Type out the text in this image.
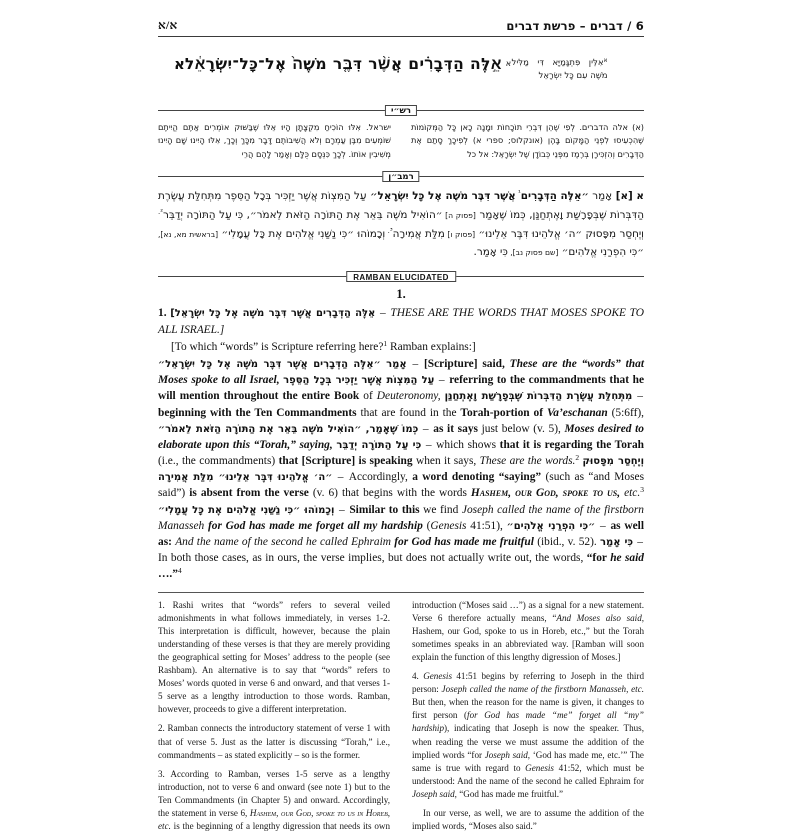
א/א	6 / דברים – פרשת דברים
א	אאֵ֣לֶּה הַדְּבָרִ֗ים אֲשֶׁ֨ר דִּבֶּ֤ר מֹשֶׁה֙ אֶל־כָּל־יִשְׂרָאֵ֔ל	$^א$אִלֵּין פִּתְגָּמַיָּא דִּי מַלִּיל מֹשֶׁה עִם כָּל יִשְׂרָאֵל
רש״י

(א) אלה הדברים. לְפִי שֶׁהֵן דִּבְרֵי תוֹכָחוֹת וּמָנָה כָאן כָּל הַמְּקוֹמוֹת שֶׁהִכְעִיסוּ לִפְנֵי הַמָּקוֹם בָּהֶן (אונקלוס; ספרי א) לְפִיכָךְ סָתַם אֶת הַדְּבָרִים וְהִזְכִּירָן בְּרֶמֶז מִפְּנֵי כְּבוֹדָן שֶׁל יִשְׂרָאֵל: אל כל

ישראל. אִלּוּ הוֹכִיחַ מִקְצָתָן הָיוּ אֵלּוּ שֶׁבַּשּׁוּק אוֹמְרִים אַתֶּם הֱיִיתֶם שׁוֹמְעִים מִבֶּן עַמְרָם וְלֹא הֲשִׁיבוֹתֶם דָּבָר מִכָּךְ וְכָךְ, אִלּוּ הָיִינוּ שָׁם הָיִינוּ מְשִׁיבִין אוֹתוֹ. לְכָךְ כִּנְּסָם כֻּלָּם וְאָמַר לָהֶם הֲרֵי

רמב״ן

א [א] אָמַר ״אֵלֶּה הַדְּבָרִים$^{^1}$ אֲשֶׁר דִּבֶּר מֹשֶׁה אֶל כָּל יִשְׂרָאֵל״ עַל הַמִּצְוֹת אֲשֶׁר יַזְכִּיר בְּכָל הַסֵּפֶר מִתְּחִלַּת עֲשֶׂרֶת הַדִּבְּרוֹת שֶׁבְּפָרָשַׁת וָאֶתְחַנַּן, כְּמוֹ שֶׁאָמַר [פסוק ה] ״הוֹאִיל מֹשֶׁה בֵּאֵר אֶת הַתּוֹרָה הַזֹּאת לֵאמֹר״, כִּי עַל הַתּוֹרָה יְדַבֵּר$^{^2.}$ וְיֶחְסַר מִפָּסוּק ״ה׳ אֱלֹהֵינוּ דִּבֶּר אֵלֵינוּ״ [פסוק ו] מִלַּת אֲמִירָה$^{^3.}$ וְכָמוֹהוּ ״כִּי נַשַּׁנִי אֱלֹהִים אֶת כָּל עֲמָלִי״ [בראשית מא, נא], ״כִּי הִפְרַנִי אֱלֹהִים״ [שם פסוק נב], כִּי אָמַר.

RAMBAN ELUCIDATED
1.

1. אֵלֶּה הַדְּבָרִים אֲשֶׁר דִּבֶּר מֹשֶׁה אֶל כָּל יִשְׂרָאֵל] – THESE ARE THE WORDS THAT MOSES SPOKE TO ALL ISRAEL.]

[To which “words” is Scripture referring here?$^1$ Ramban explains:]

אָמַר ״אֵלֶּה הַדְּבָרִים אֲשֶׁר דִּבֶּר מֹשֶׁה אֶל כָּל יִשְׂרָאֵל״ – [Scripture] said, These are the “words” that Moses spoke to all Israel, עַל הַמִּצְוֹת אֲשֶׁר יַזְכִּיר בְּכָל הַסֵּפֶר – referring to the commandments that he will mention throughout the entire Book of Deuteronomy, מִתְּחִלַּת עֲשֶׂרֶת הַדִּבְּרוֹת שֶׁבְּפָרָשַׁת וָאֶתְחַנַּן – beginning with the Ten Commandments that are found in the Torah-portion of Va’eschanan (5:6ff), כְּמוֹ שֶׁאָמַר, ״הוֹאִיל מֹשֶׁה בֵּאֵר אֶת הַתּוֹרָה הַזֹּאת לֵאמֹר״ – as it says just below (v. 5), Moses desired to elaborate upon this “Torah,” saying, כִּי עַל הַתּוֹרָה יְדַבֵּר – which shows that it is regarding the Torah (i.e., the commandments) that [Scripture] is speaking when it says, These are the words.$^2$ וְיֶחְסַר מִפָּסוּק ״ה׳ אֱלֹהֵינוּ דִּבֶּר אֵלֵינוּ״ מִלַּת אֲמִירָה – Accordingly, a word denoting “saying” (such as “and Moses said”) is absent from the verse (v. 6) that begins with the words Hashem, our God, spoke to us, etc.$^3$ וְכָמוֹהוּ ״כִּי נַשַּׁנִי אֱלֹהִים אֶת כָּל עֲמָלִי״ – Similar to this we find Joseph called the name of the firstborn Manasseh for God has made me forget all my hardship (Genesis 41:51), ״כִּי הִפְרַנִי אֱלֹהִים״ – as well as: And the name of the second he called Ephraim for God has made me fruitful (ibid., v. 52). כִּי אָמַר – In both those cases, as in ours, the verse implies, but does not actually write out, the words, “for he said ….”$^4$

1. Rashi writes that “words” refers to several veiled admonishments in what follows immediately, in verses 1-2. This interpretation is difficult, however, because the plain understanding of these verses is that they are merely providing the geographical setting for Moses’ address to the people (see Rashbam). An alternative is to say that “words” refers to Moses’ words quoted in verse 6 and onward, and that verses 1-5 serve as a lengthy introduction to those words. Ramban, however, proceeds to give a different interpretation.

2. Ramban connects the introductory statement of verse 1 with that of verse 5. Just as the latter is discussing “Torah,” i.e., commandments – as stated explicitly – so is the former.

3. According to Ramban, verses 1-5 serve as a lengthy introduction, not to verse 6 and onward (see note 1) but to the Ten Commandments (in Chapter 5) and onward. Accordingly, the statement in verse 6, Hashem, our God, spoke to us in Horeb, etc. is the beginning of a lengthy digression that needs its own introduction (“Moses said …”) as a signal for a new statement. Verse 6 therefore actually means, “And Moses also said, Hashem, our God, spoke to us in Horeb, etc.,” but the Torah sometimes speaks in an abbreviated way. [Ramban will soon explain the function of this lengthy digression of Moses.]

4. Genesis 41:51 begins by referring to Joseph in the third person: Joseph called the name of the firstborn Manasseh, etc. But then, when the reason for the name is given, it changes to first person (for God has made “me” forget all “my” hardship), indicating that Joseph is now the speaker. Thus, when reading the verse we must assume the addition of the implied words “for Joseph said, ‘God has made me, etc.’” The same is true with regard to Genesis 41:52, which must be understood: And the name of the second he called Ephraim for Joseph said, “God has made me fruitful.”

In our verse, as well, we are to assume the addition of the implied words, “Moses also said.”
